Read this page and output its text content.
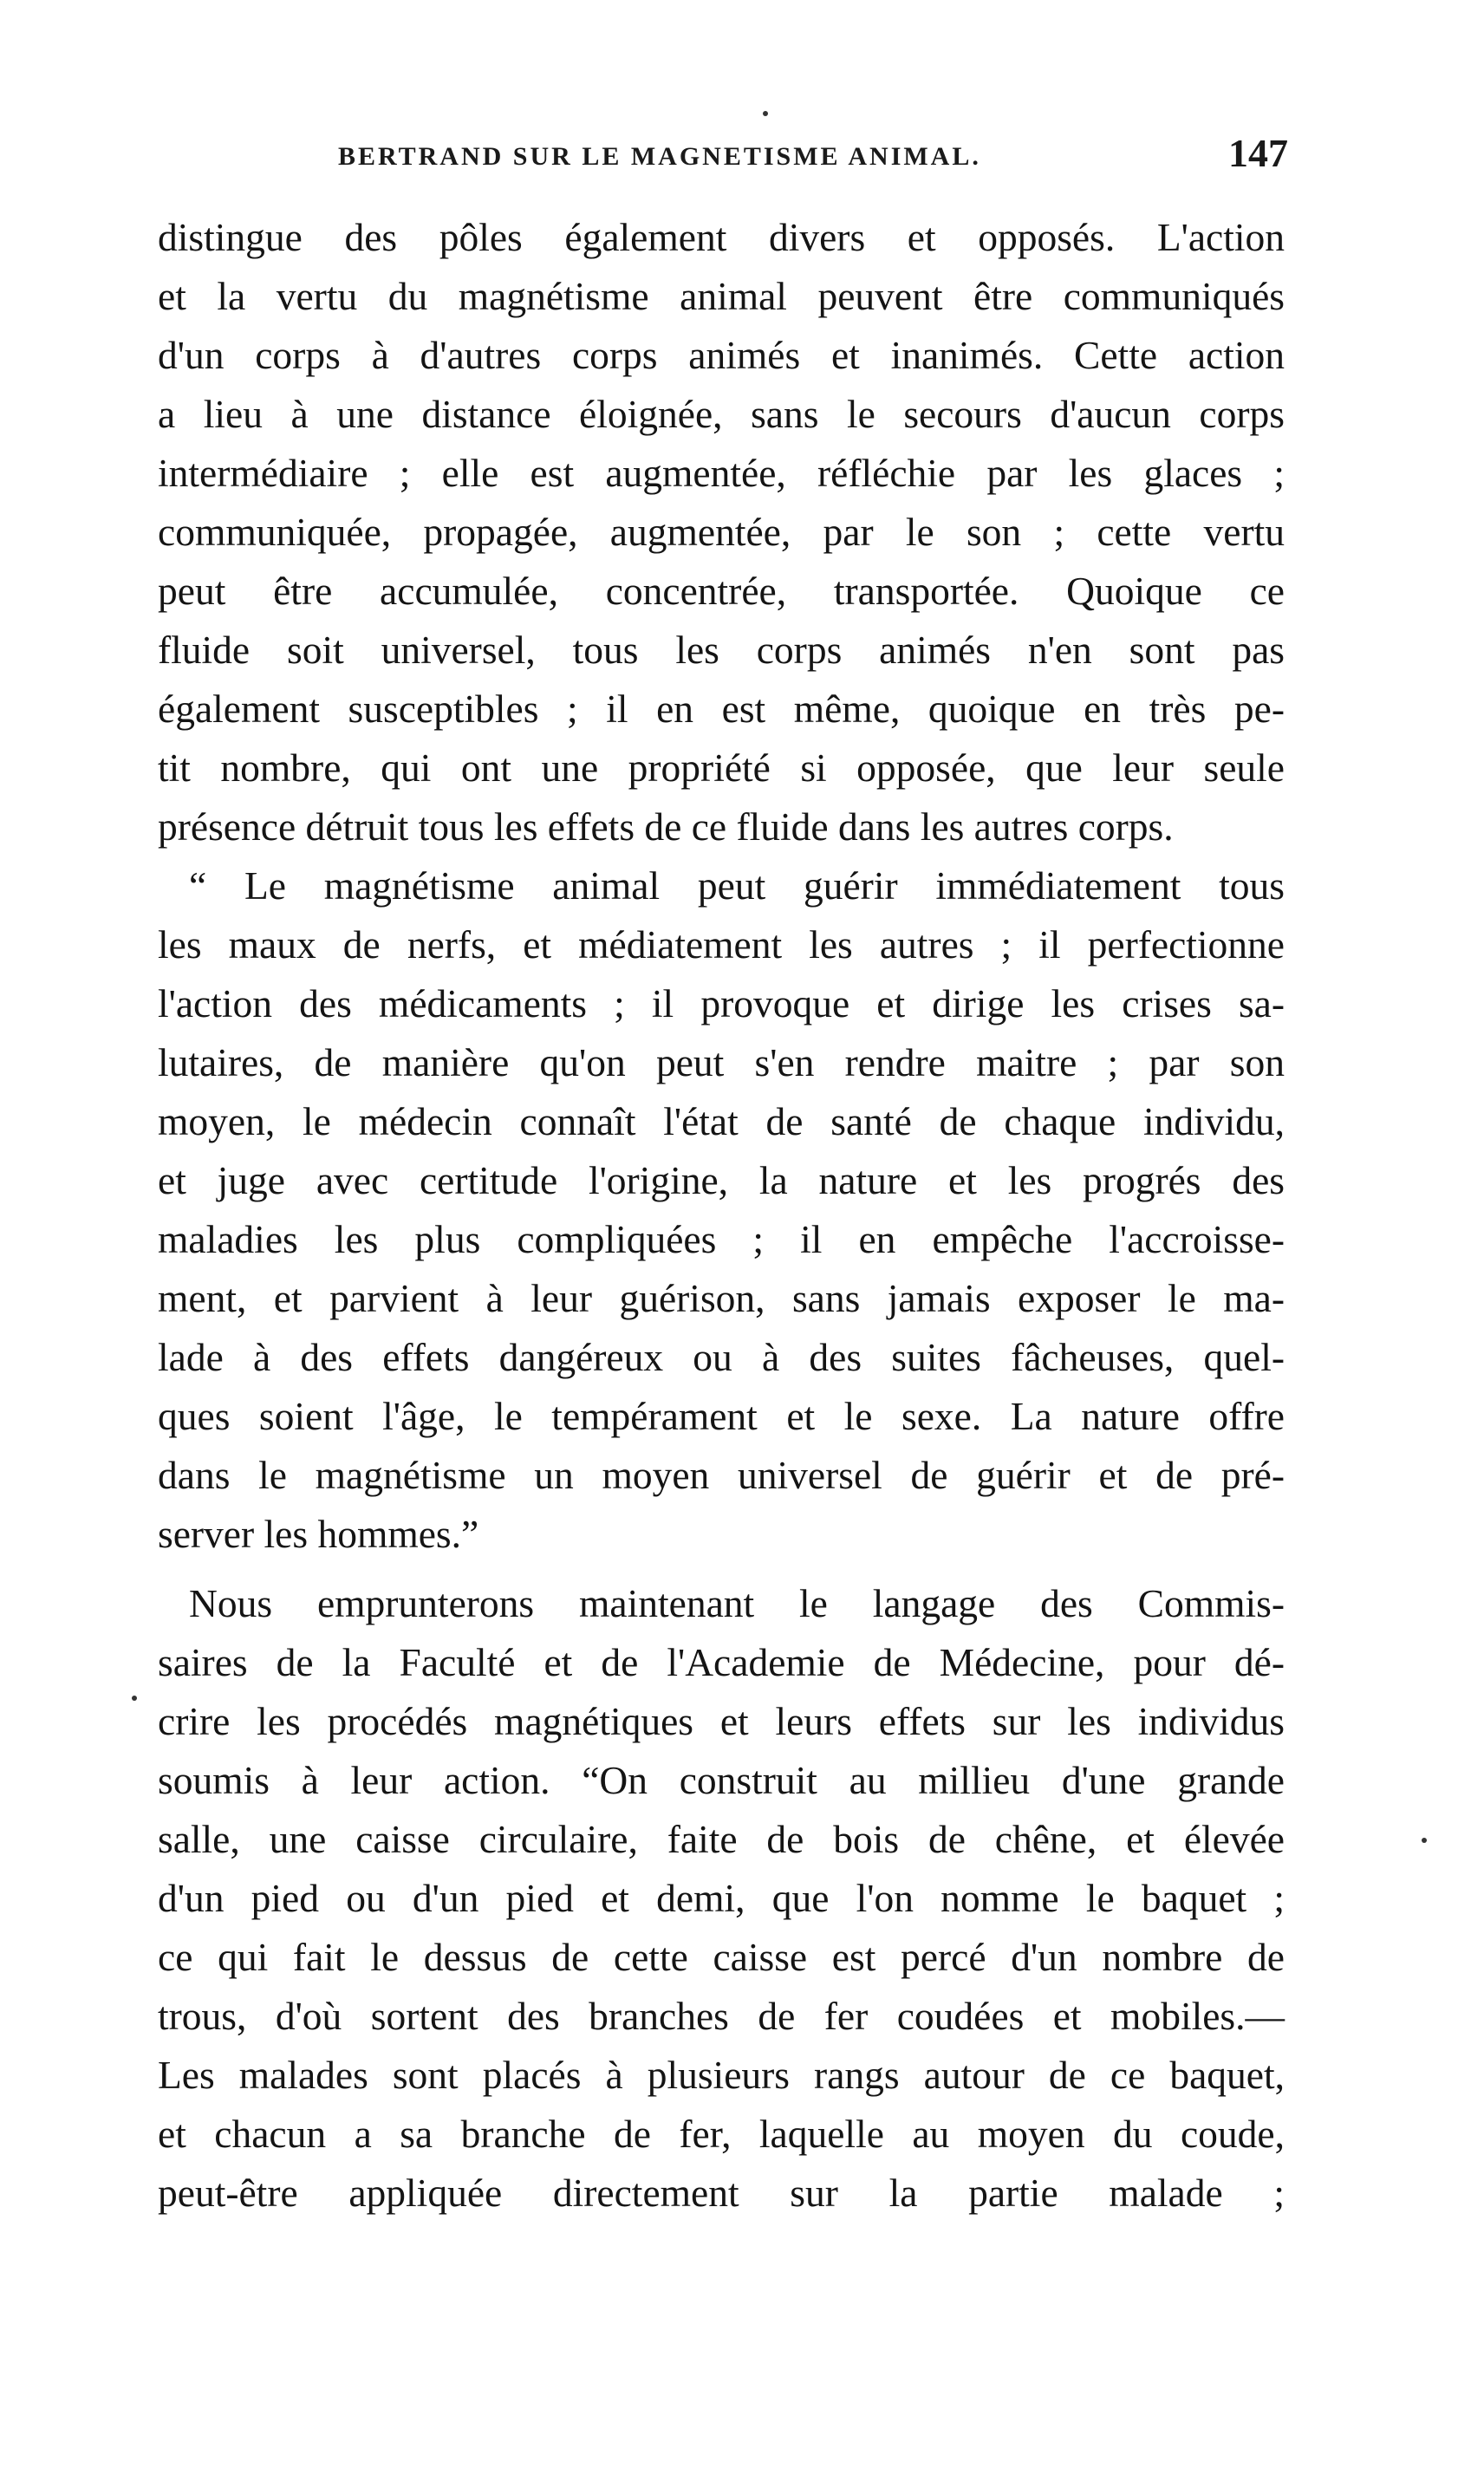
BERTRAND SUR LE MAGNETISME ANIMAL.	147
distingue des pôles également divers et opposés. L'action
et la vertu du magnétisme animal peuvent être communiqués
d'un corps à d'autres corps animés et inanimés. Cette action
a lieu à une distance éloignée, sans le secours d'aucun corps
intermédiaire ; elle est augmentée, réfléchie par les glaces ;
communiquée, propagée, augmentée, par le son ; cette vertu
peut être accumulée, concentrée, transportée. Quoique ce
fluide soit universel, tous les corps animés n'en sont pas
également susceptibles ; il en est même, quoique en très pe-
tit nombre, qui ont une propriété si opposée, que leur seule
présence détruit tous les effets de ce fluide dans les autres corps.
“ Le magnétisme animal peut guérir immédiatement tous
les maux de nerfs, et médiatement les autres ; il perfectionne
l'action des médicaments ; il provoque et dirige les crises sa-
lutaires, de manière qu'on peut s'en rendre maitre ; par son
moyen, le médecin connaît l'état de santé de chaque individu,
et juge avec certitude l'origine, la nature et les progrés des
maladies les plus compliquées ; il en empêche l'accroisse-
ment, et parvient à leur guérison, sans jamais exposer le ma-
lade à des effets dangéreux ou à des suites fâcheuses, quel-
ques soient l'âge, le tempérament et le sexe. La nature offre
dans le magnétisme un moyen universel de guérir et de pré-
server les hommes.”
Nous emprunterons maintenant le langage des Commis-
saires de la Faculté et de l'Academie de Médecine, pour dé-
crire les procédés magnétiques et leurs effets sur les individus
soumis à leur action. “On construit au millieu d'une grande
salle, une caisse circulaire, faite de bois de chêne, et élevée
d'un pied ou d'un pied et demi, que l'on nomme le baquet ;
ce qui fait le dessus de cette caisse est percé d'un nombre de
trous, d'où sortent des branches de fer coudées et mobiles.—
Les malades sont placés à plusieurs rangs autour de ce baquet,
et chacun a sa branche de fer, laquelle au moyen du coude,
peut-être appliquée directement sur la partie malade ;
